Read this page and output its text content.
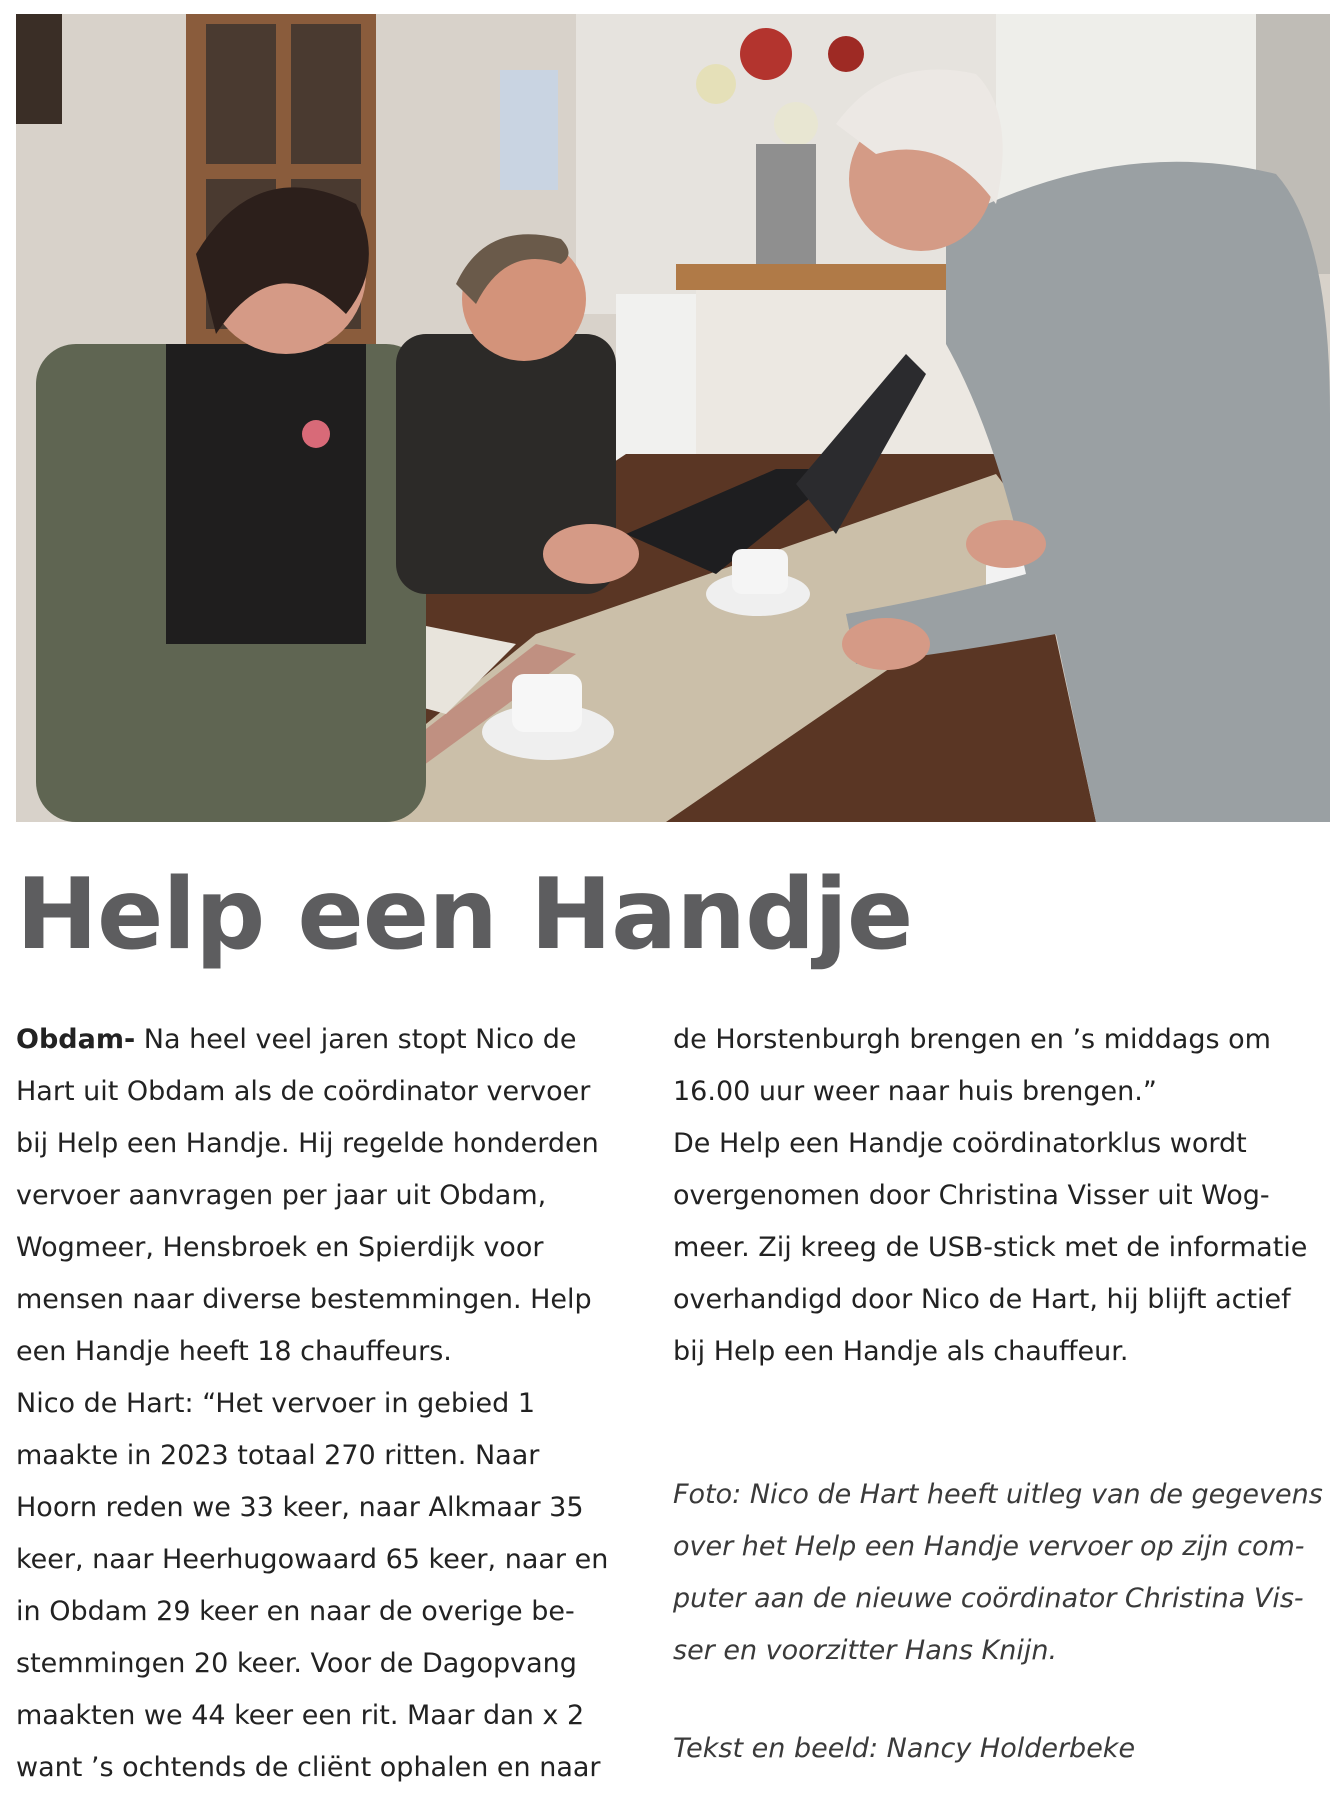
Help een Handje
Obdam- Na heel veel jaren stopt Nico de
Hart uit Obdam als de coördinator vervoer
bij Help een Handje. Hij regelde honderden
vervoer aanvragen per jaar uit Obdam,
Wogmeer, Hensbroek en Spierdijk voor
mensen naar diverse bestemmingen. Help
een Handje heeft 18 chauffeurs.
Nico de Hart: “Het vervoer in gebied 1
maakte in 2023 totaal 270 ritten. Naar
Hoorn reden we 33 keer, naar Alkmaar 35
keer, naar Heerhugowaard 65 keer, naar en
in Obdam 29 keer en naar de overige be-
stemmingen 20 keer. Voor de Dagopvang
maakten we 44 keer een rit. Maar dan x 2
want ’s ochtends de cliënt ophalen en naar
de Horstenburgh brengen en ’s middags om
16.00 uur weer naar huis brengen.”
De Help een Handje coördinatorklus wordt
overgenomen door Christina Visser uit Wog-
meer. Zij kreeg de USB-stick met de informatie
overhandigd door Nico de Hart, hij blijft actief
bij Help een Handje als chauffeur.
Foto: Nico de Hart heeft uitleg van de gegevens
over het Help een Handje vervoer op zijn com-
puter aan de nieuwe coördinator Christina Vis-
ser en voorzitter Hans Knijn.
Tekst en beeld: Nancy Holderbeke
